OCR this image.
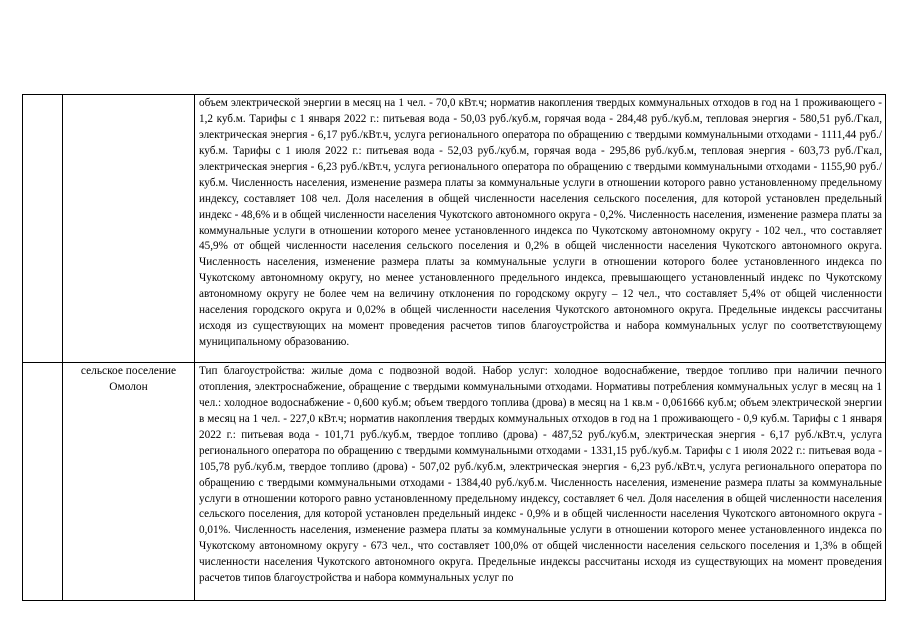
		объем электрической энергии в месяц на 1 чел. - 70,0 кВт.ч; норматив накопления твердых коммунальных отходов в год на 1 проживающего - 1,2 куб.м. Тарифы с 1 января 2022 г.: питьевая вода - 50,03 руб./куб.м, горячая вода - 284,48 руб./куб.м, тепловая энергия - 580,51 руб./Гкал, электрическая энергия - 6,17 руб./кВт.ч, услуга регионального оператора по обращению с твердыми коммунальными отходами - 1111,44 руб./куб.м. Тарифы с 1 июля 2022 г.: питьевая вода - 52,03 руб./куб.м, горячая вода - 295,86 руб./куб.м, тепловая энергия - 603,73 руб./Гкал, электрическая энергия - 6,23 руб./кВт.ч, услуга регионального оператора по обращению с твердыми коммунальными отходами - 1155,90 руб./куб.м. Численность населения, изменение размера платы за коммунальные услуги в отношении которого равно установленному предельному индексу, составляет 108 чел. Доля населения в общей численности населения сельского поселения, для которой установлен предельный индекс - 48,6% и в общей численности населения Чукотского автономного округа - 0,2%. Численность населения, изменение размера платы за коммунальные услуги в отношении которого менее установленного индекса по Чукотскому автономному округу - 102 чел., что составляет 45,9% от общей численности населения сельского поселения и 0,2% в общей численности населения Чукотского автономного округа. Численность населения, изменение размера платы за коммунальные услуги в отношении которого более установленного индекса по Чукотскому автономному округу, но менее установленного предельного индекса, превышающего установленный индекс по Чукотскому автономному округу не более чем на величину отклонения по городскому округу – 12 чел., что составляет 5,4% от общей численности населения городского округа и 0,02% в общей численности населения Чукотского автономного округа. Предельные индексы рассчитаны исходя из существующих на момент проведения расчетов типов благоустройства и набора коммунальных услуг по соответствующему муниципальному образованию.
	сельское поселение Омолон	Тип благоустройства: жилые дома с подвозной водой. Набор услуг: холодное водоснабжение, твердое топливо при наличии печного отопления, электроснабжение, обращение с твердыми коммунальными отходами. Нормативы потребления коммунальных услуг в месяц на 1 чел.: холодное водоснабжение - 0,600 куб.м; объем твердого топлива (дрова) в месяц на 1 кв.м - 0,061666 куб.м; объем электрической энергии в месяц на 1 чел. - 227,0 кВт.ч; норматив накопления твердых коммунальных отходов в год на 1 проживающего - 0,9 куб.м. Тарифы с 1 января 2022 г.: питьевая вода - 101,71 руб./куб.м, твердое топливо (дрова) - 487,52 руб./куб.м, электрическая энергия - 6,17 руб./кВт.ч, услуга регионального оператора по обращению с твердыми коммунальными отходами - 1331,15 руб./куб.м. Тарифы с 1 июля 2022 г.: питьевая вода - 105,78 руб./куб.м, твердое топливо (дрова) - 507,02 руб./куб.м, электрическая энергия - 6,23 руб./кВт.ч, услуга регионального оператора по обращению с твердыми коммунальными отходами - 1384,40 руб./куб.м. Численность населения, изменение размера платы за коммунальные услуги в отношении которого равно установленному предельному индексу, составляет 6 чел. Доля населения в общей численности населения сельского поселения, для которой установлен предельный индекс - 0,9% и в общей численности населения Чукотского автономного округа - 0,01%. Численность населения, изменение размера платы за коммунальные услуги в отношении которого менее установленного индекса по Чукотскому автономному округу - 673 чел., что составляет 100,0% от общей численности населения сельского поселения и 1,3% в общей численности населения Чукотского автономного округа. Предельные индексы рассчитаны исходя из существующих на момент проведения расчетов типов благоустройства и набора коммунальных услуг по
